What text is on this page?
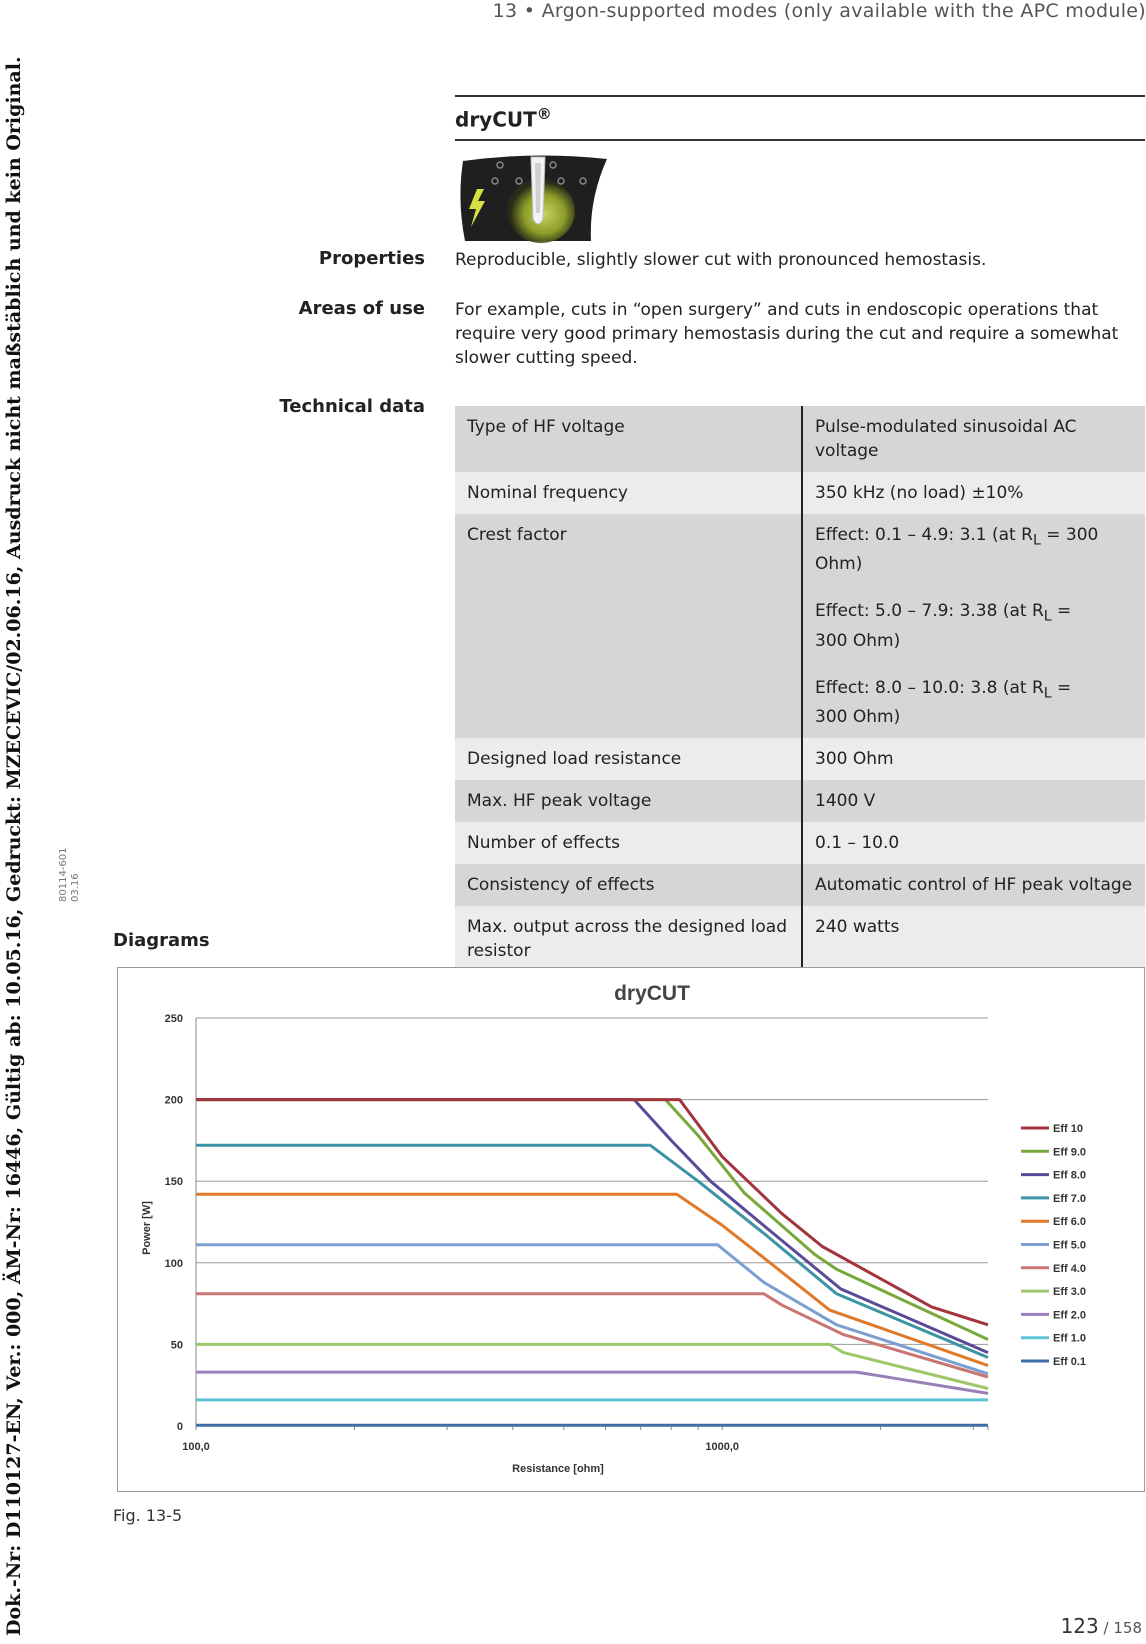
13 • Argon-supported modes (only available with the APC module)
Dok.-Nr: D110127-EN, Ver.: 000, ÄM-Nr: 16446, Gültig ab: 10.05.16, Gedruckt: MZECEVIC/02.06.16, Ausdruck nicht maßstäblich und kein Original.	80114-601 03.16
dryCUT®
Properties Reproducible, slightly slower cut with pronounced hemostasis.
Areas of use For example, cuts in “open surgery” and cuts in endoscopic operations that require very good primary hemostasis during the cut and require a somewhat slower cutting speed.
Technical data
Type of HF voltage	Pulse-modulated sinusoidal AC voltage
Nominal frequency	350 kHz (no load) ±10%
Crest factor	Effect: 0.1 – 4.9: 3.1 (at $R_L = 300$ Ohm)
Effect: 5.0 – 7.9: 3.38 (at $R_L$ =
300 Ohm)
Effect: 8.0 – 10.0: 3.8 (at $R_L$ =
300 Ohm)

Designed load resistance	300 Ohm
Max. HF peak voltage	1400 V
Number of effects	0.1 – 10.0
Consistency of effects	Automatic control of HF peak voltage
Max. output across the designed load resistor	240 watts
Diagrams
dryCUT
0
50
100
150
200
250
100,0	1000,0
Resistance [ohm]
Power [W]
Eff 10
Eff 9.0
Eff 8.0
Eff 7.0
Eff 6.0
Eff 5.0
Eff 4.0
Eff 3.0
Eff 2.0
Eff 1.0
Eff 0.1
Fig. 13-5
123 / 158
